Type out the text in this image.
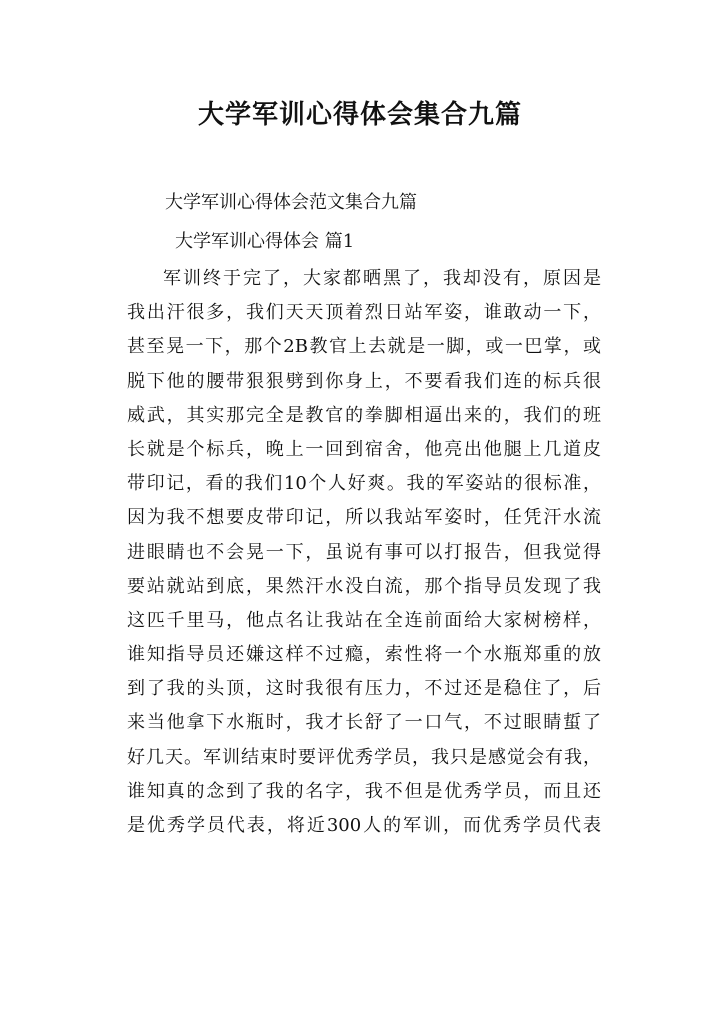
大学军训心得体会集合九篇

大学军训心得体会范文集合九篇

大学军训心得体会 篇1

军训终于完了，大家都晒黑了，我却没有，原因是
我出汗很多，我们天天顶着烈日站军姿，谁敢动一下，
甚至晃一下，那个2B教官上去就是一脚，或一巴掌，或
脱下他的腰带狠狠劈到你身上，不要看我们连的标兵很
威武，其实那完全是教官的拳脚相逼出来的，我们的班
长就是个标兵，晚上一回到宿舍，他亮出他腿上几道皮
带印记，看的我们10个人好爽。我的军姿站的很标准，
因为我不想要皮带印记，所以我站军姿时，任凭汗水流
进眼睛也不会晃一下，虽说有事可以打报告，但我觉得
要站就站到底，果然汗水没白流，那个指导员发现了我
这匹千里马，他点名让我站在全连前面给大家树榜样，
谁知指导员还嫌这样不过瘾，索性将一个水瓶郑重的放
到了我的头顶，这时我很有压力，不过还是稳住了，后
来当他拿下水瓶时，我才长舒了一口气，不过眼睛蜇了
好几天。军训结束时要评优秀学员，我只是感觉会有我，
谁知真的念到了我的名字，我不但是优秀学员，而且还
是优秀学员代表，将近300人的军训，而优秀学员代表
